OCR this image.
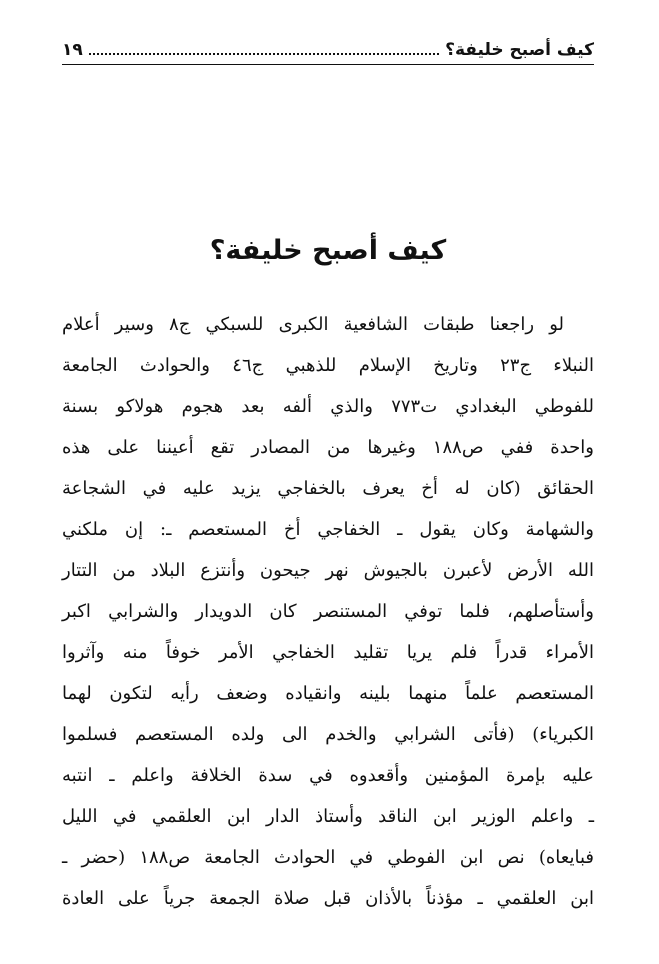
كيف أصبح خليفة؟
١٩
كيف أصبح خليفة؟
لو راجعنا طبقات الشافعية الكبرى للسبكي ج٨ وسير أعلام
النبلاء ج٢٣ وتاريخ الإسلام للذهبي ج٤٦ والحوادث الجامعة
للفوطي البغدادي ت٧٧٣ والذي ألفه بعد هجوم هولاكو بسنة
واحدة ففي ص١٨٨ وغيرها من المصادر تقع أعيننا على هذه
الحقائق (كان له أخ يعرف بالخفاجي يزيد عليه في الشجاعة
والشهامة وكان يقول ـ الخفاجي أخ المستعصم ـ: إن ملكني
الله الأرض لأعبرن بالجيوش نهر جيحون وأنتزع البلاد من التتار
وأستأصلهم، فلما توفي المستنصر كان الدويدار والشرابي اكبر
الأمراء قدراً فلم يريا تقليد الخفاجي الأمر خوفاً منه وآثروا
المستعصم علماً منهما بلينه وانقياده وضعف رأيه لتكون لهما
الكبرياء) (فأتى الشرابي والخدم الى ولده المستعصم فسلموا
عليه بإمرة المؤمنين وأقعدوه في سدة الخلافة واعلم ـ انتبه
ـ واعلم الوزير ابن الناقد وأستاذ الدار ابن العلقمي في الليل
فبايعاه) نص ابن الفوطي في الحوادث الجامعة ص١٨٨ (حضر ـ
ابن العلقمي ـ مؤذناً بالأذان قبل صلاة الجمعة جرياً على العادة
